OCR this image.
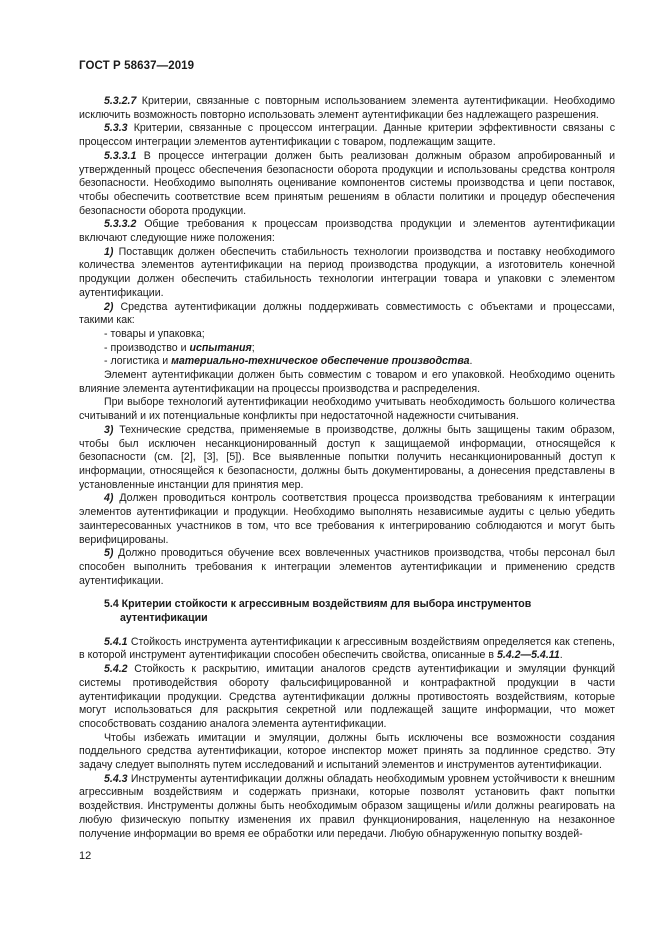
ГОСТ Р 58637—2019

5.3.2.7 Критерии, связанные с повторным использованием элемента аутентификации. Необходимо исключить возможность повторно использовать элемент аутентификации без надлежащего разрешения.

5.3.3 Критерии, связанные с процессом интеграции. Данные критерии эффективности связаны с процессом интеграции элементов аутентификации с товаром, подлежащим защите.

5.3.3.1 В процессе интеграции должен быть реализован должным образом апробированный и утвержденный процесс обеспечения безопасности оборота продукции и использованы средства контроля безопасности. Необходимо выполнять оценивание компонентов системы производства и цепи поставок, чтобы обеспечить соответствие всем принятым решениям в области политики и процедур обеспечения безопасности оборота продукции.

5.3.3.2 Общие требования к процессам производства продукции и элементов аутентификации включают следующие ниже положения:

1) Поставщик должен обеспечить стабильность технологии производства и поставку необходимого количества элементов аутентификации на период производства продукции, а изготовитель конечной продукции должен обеспечить стабильность технологии интеграции товара и упаковки с элементом аутентификации.

2) Средства аутентификации должны поддерживать совместимость с объектами и процессами, такими как:

- товары и упаковка;

- производство и испытания;

- логистика и материально-техническое обеспечение производства.

Элемент аутентификации должен быть совместим с товаром и его упаковкой. Необходимо оценить влияние элемента аутентификации на процессы производства и распределения.

При выборе технологий аутентификации необходимо учитывать необходимость большого количества считываний и их потенциальные конфликты при недостаточной надежности считывания.

3) Технические средства, применяемые в производстве, должны быть защищены таким образом, чтобы был исключен несанкционированный доступ к защищаемой информации, относящейся к безопасности (см. [2], [3], [5]). Все выявленные попытки получить несанкционированный доступ к информации, относящейся к безопасности, должны быть документированы, а донесения представлены в установленные инстанции для принятия мер.

4) Должен проводиться контроль соответствия процесса производства требованиям к интеграции элементов аутентификации и продукции. Необходимо выполнять независимые аудиты с целью убедить заинтересованных участников в том, что все требования к интегрированию соблюдаются и могут быть верифицированы.

5) Должно проводиться обучение всех вовлеченных участников производства, чтобы персонал был способен выполнить требования к интеграции элементов аутентификации и применению средств аутентификации.

5.4 Критерии стойкости к агрессивным воздействиям для выбора инструментов
аутентификации

5.4.1 Стойкость инструмента аутентификации к агрессивным воздействиям определяется как степень, в которой инструмент аутентификации способен обеспечить свойства, описанные в 5.4.2—5.4.11.

5.4.2 Стойкость к раскрытию, имитации аналогов средств аутентификации и эмуляции функций системы противодействия обороту фальсифицированной и контрафактной продукции в части аутентификации продукции. Средства аутентификации должны противостоять воздействиям, которые могут использоваться для раскрытия секретной или подлежащей защите информации, что может способствовать созданию аналога элемента аутентификации.

Чтобы избежать имитации и эмуляции, должны быть исключены все возможности создания поддельного средства аутентификации, которое инспектор может принять за подлинное средство. Эту задачу следует выполнять путем исследований и испытаний элементов и инструментов аутентификации.

5.4.3 Инструменты аутентификации должны обладать необходимым уровнем устойчивости к внешним агрессивным воздействиям и содержать признаки, которые позволят установить факт попытки воздействия. Инструменты должны быть необходимым образом защищены и/или должны реагировать на любую физическую попытку изменения их правил функционирования, нацеленную на незаконное получение информации во время ее обработки или передачи. Любую обнаруженную попытку воздей-

12
